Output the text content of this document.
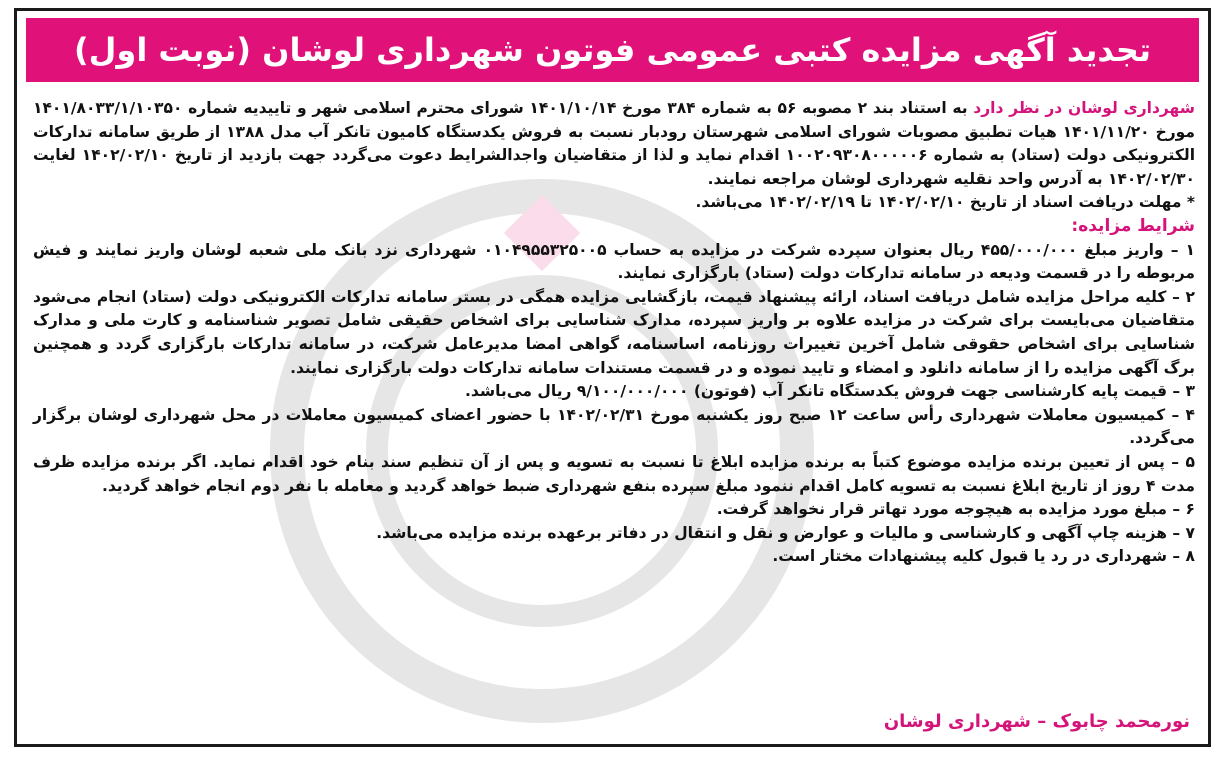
تجدید آگهی مزایده کتبی عمومی فوتون شهرداری لوشان (نوبت اول)

شهرداری لوشان در نظر دارد به استناد بند ۲ مصوبه ۵۶ به شماره ۳۸۴ مورخ ۱۴۰۱/۱۰/۱۴ شورای محترم اسلامی شهر و تاییدیه شماره ۱۴۰۱/۸۰۳۳/۱/۱۰۳۵۰ مورخ ۱۴۰۱/۱۱/۲۰ هیات تطبیق مصوبات شورای اسلامی شهرستان رودبار نسبت به فروش یکدستگاه کامیون تانکر آب مدل ۱۳۸۸ از طریق سامانه تدارکات الکترونیکی دولت (ستاد) به شماره ۱۰۰۲۰۹۳۰۸۰۰۰۰۰۶ اقدام نماید و لذا از متقاضیان واجدالشرایط دعوت می‌گردد جهت بازدید از تاریخ ۱۴۰۲/۰۲/۱۰ لغایت ۱۴۰۲/۰۲/۳۰ به آدرس واحد نقلیه شهرداری لوشان مراجعه نمایند.

* مهلت دریافت اسناد از تاریخ ۱۴۰۲/۰۲/۱۰ تا ۱۴۰۲/۰۲/۱۹ می‌باشد.

شرایط مزایده:

۱ – واریز مبلغ ۴۵۵/۰۰۰/۰۰۰ ریال بعنوان سپرده شرکت در مزایده به حساب ۰۱۰۴۹۵۵۳۲۵۰۰۵ شهرداری نزد بانک ملی شعبه لوشان واریز نمایند و فیش مربوطه را در قسمت ودیعه در سامانه تدارکات دولت (ستاد) بارگزاری نمایند.

۲ – کلیه مراحل مزایده شامل دریافت اسناد، ارائه پیشنهاد قیمت، بازگشایی مزایده همگی در بستر سامانه تدارکات الکترونیکی دولت (ستاد) انجام می‌شود متقاضیان می‌بایست برای شرکت در مزایده علاوه بر واریز سپرده، مدارک شناسایی برای اشخاص حقیقی شامل تصویر شناسنامه و کارت ملی و مدارک شناسایی برای اشخاص حقوقی شامل آخرین تغییرات روزنامه، اساسنامه، گواهی امضا مدیرعامل شرکت، در سامانه تدارکات بارگزاری گردد و همچنین برگ آگهی مزایده را از سامانه دانلود و امضاء و تایید نموده و در قسمت مستندات سامانه تدارکات دولت بارگزاری نمایند.

۳ – قیمت پایه کارشناسی جهت فروش یکدستگاه تانکر آب (فوتون) ۹/۱۰۰/۰۰۰/۰۰۰ ریال می‌باشد.

۴ – کمیسیون معاملات شهرداری رأس ساعت ۱۲ صبح روز یکشنبه مورخ ۱۴۰۲/۰۲/۳۱ با حضور اعضای کمیسیون معاملات در محل شهرداری لوشان برگزار می‌گردد.

۵ – پس از تعیین برنده مزایده موضوع کتباً به برنده مزایده ابلاغ تا نسبت به تسویه و پس از آن تنظیم سند بنام خود اقدام نماید. اگر برنده مزایده ظرف مدت ۴ روز از تاریخ ابلاغ نسبت به تسویه کامل اقدام ننمود مبلغ سپرده بنفع شهرداری ضبط خواهد گردید و معامله با نفر دوم انجام خواهد گردید.

۶ – مبلغ مورد مزایده به هیچوجه مورد تهاتر قرار نخواهد گرفت.

۷ – هزینه چاپ آگهی و کارشناسی و مالیات و عوارض و نقل و انتقال در دفاتر برعهده برنده مزایده می‌باشد.

۸ – شهرداری در رد یا قبول کلیه پیشنهادات مختار است.

نورمحمد چابوک – شهرداری لوشان
